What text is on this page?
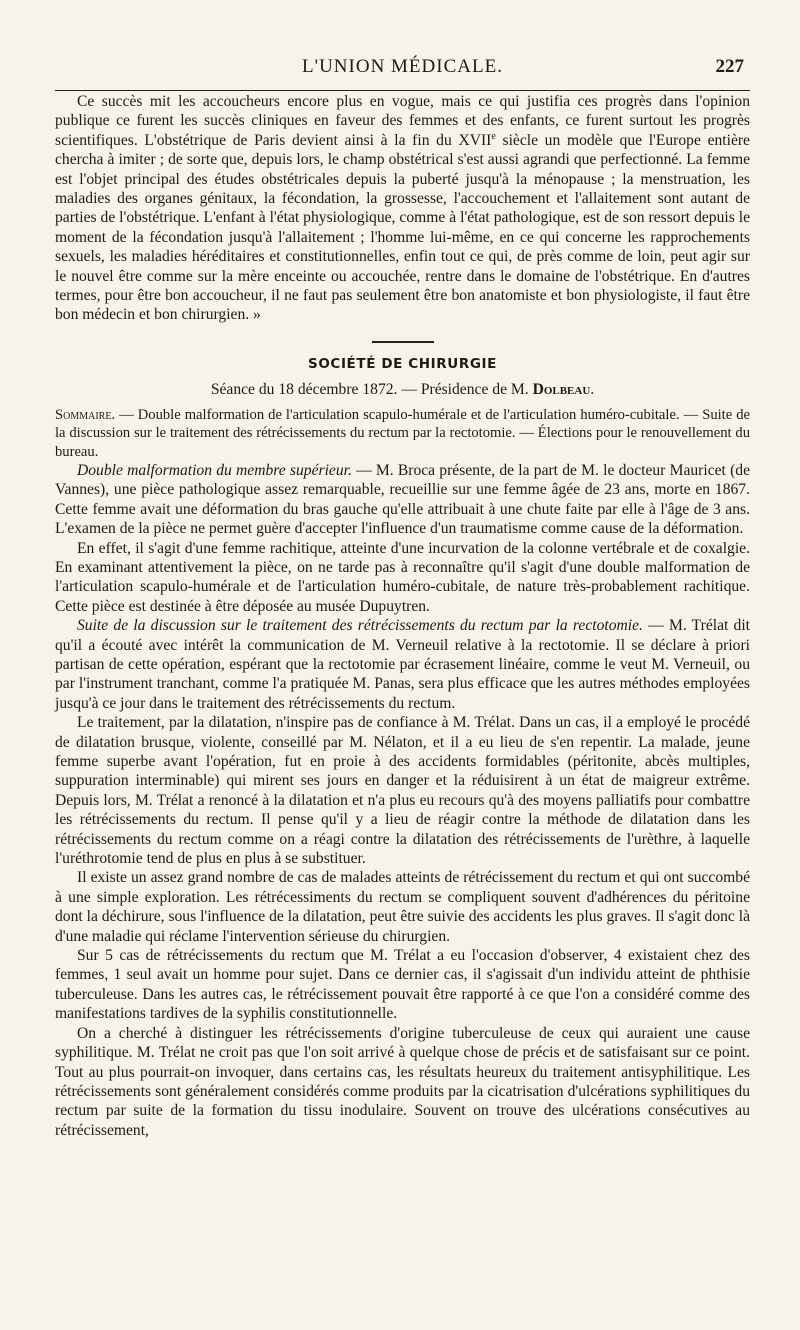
L'UNION MÉDICALE.	227

Ce succès mit les accoucheurs encore plus en vogue, mais ce qui justifia ces progrès dans l'opinion publique ce furent les succès cliniques en faveur des femmes et des enfants, ce furent surtout les progrès scientifiques. L'obstétrique de Paris devient ainsi à la fin du XVIIe siècle un modèle que l'Europe entière chercha à imiter ; de sorte que, depuis lors, le champ obstétrical s'est aussi agrandi que perfectionné. La femme est l'objet principal des études obstétricales depuis la puberté jusqu'à la ménopause ; la menstruation, les maladies des organes génitaux, la fécondation, la grossesse, l'accouchement et l'allaitement sont autant de parties de l'obstétrique. L'enfant à l'état physiologique, comme à l'état pathologique, est de son ressort depuis le moment de la fécondation jusqu'à l'allaitement ; l'homme lui-même, en ce qui concerne les rapprochements sexuels, les maladies héréditaires et constitutionnelles, enfin tout ce qui, de près comme de loin, peut agir sur le nouvel être comme sur la mère enceinte ou accouchée, rentre dans le domaine de l'obstétrique. En d'autres termes, pour être bon accoucheur, il ne faut pas seulement être bon anatomiste et bon physiologiste, il faut être bon médecin et bon chirurgien. »

SOCIÉTÉ DE CHIRURGIE
Séance du 18 décembre 1872. — Présidence de M. Dolbeau.

Sommaire. — Double malformation de l'articulation scapulo-humérale et de l'articulation huméro-cubitale. — Suite de la discussion sur le traitement des rétrécissements du rectum par la rectotomie. — Élections pour le renouvellement du bureau.

Double malformation du membre supérieur. — M. Broca présente, de la part de M. le docteur Mauricet (de Vannes), une pièce pathologique assez remarquable, recueillie sur une femme âgée de 23 ans, morte en 1867. Cette femme avait une déformation du bras gauche qu'elle attribuait à une chute faite par elle à l'âge de 3 ans. L'examen de la pièce ne permet guère d'accepter l'influence d'un traumatisme comme cause de la déformation.

En effet, il s'agit d'une femme rachitique, atteinte d'une incurvation de la colonne vertébrale et de coxalgie. En examinant attentivement la pièce, on ne tarde pas à reconnaître qu'il s'agit d'une double malformation de l'articulation scapulo-humérale et de l'articulation huméro-cubitale, de nature très-probablement rachitique. Cette pièce est destinée à être déposée au musée Dupuytren.

Suite de la discussion sur le traitement des rétrécissements du rectum par la rectotomie. — M. Trélat dit qu'il a écouté avec intérêt la communication de M. Verneuil relative à la rectotomie. Il se déclare à priori partisan de cette opération, espérant que la rectotomie par écrasement linéaire, comme le veut M. Verneuil, ou par l'instrument tranchant, comme l'a pratiquée M. Panas, sera plus efficace que les autres méthodes employées jusqu'à ce jour dans le traitement des rétrécissements du rectum.

Le traitement, par la dilatation, n'inspire pas de confiance à M. Trélat. Dans un cas, il a employé le procédé de dilatation brusque, violente, conseillé par M. Nélaton, et il a eu lieu de s'en repentir. La malade, jeune femme superbe avant l'opération, fut en proie à des accidents formidables (péritonite, abcès multiples, suppuration interminable) qui mirent ses jours en danger et la réduisirent à un état de maigreur extrême. Depuis lors, M. Trélat a renoncé à la dilatation et n'a plus eu recours qu'à des moyens palliatifs pour combattre les rétrécissements du rectum. Il pense qu'il y a lieu de réagir contre la méthode de dilatation dans les rétrécissements du rectum comme on a réagi contre la dilatation des rétrécissements de l'urèthre, à laquelle l'uréthrotomie tend de plus en plus à se substituer.

Il existe un assez grand nombre de cas de malades atteints de rétrécissement du rectum et qui ont succombé à une simple exploration. Les rétrécessiments du rectum se compliquent souvent d'adhérences du péritoine dont la déchirure, sous l'influence de la dilatation, peut être suivie des accidents les plus graves. Il s'agit donc là d'une maladie qui réclame l'intervention sérieuse du chirurgien.

Sur 5 cas de rétrécissements du rectum que M. Trélat a eu l'occasion d'observer, 4 existaient chez des femmes, 1 seul avait un homme pour sujet. Dans ce dernier cas, il s'agissait d'un individu atteint de phthisie tuberculeuse. Dans les autres cas, le rétrécissement pouvait être rapporté à ce que l'on a considéré comme des manifestations tardives de la syphilis constitutionnelle.

On a cherché à distinguer les rétrécissements d'origine tuberculeuse de ceux qui auraient une cause syphilitique. M. Trélat ne croit pas que l'on soit arrivé à quelque chose de précis et de satisfaisant sur ce point. Tout au plus pourrait-on invoquer, dans certains cas, les résultats heureux du traitement antisyphilitique. Les rétrécissements sont généralement considérés comme produits par la cicatrisation d'ulcérations syphilitiques du rectum par suite de la formation du tissu inodulaire. Souvent on trouve des ulcérations consécutives au rétrécissement,
